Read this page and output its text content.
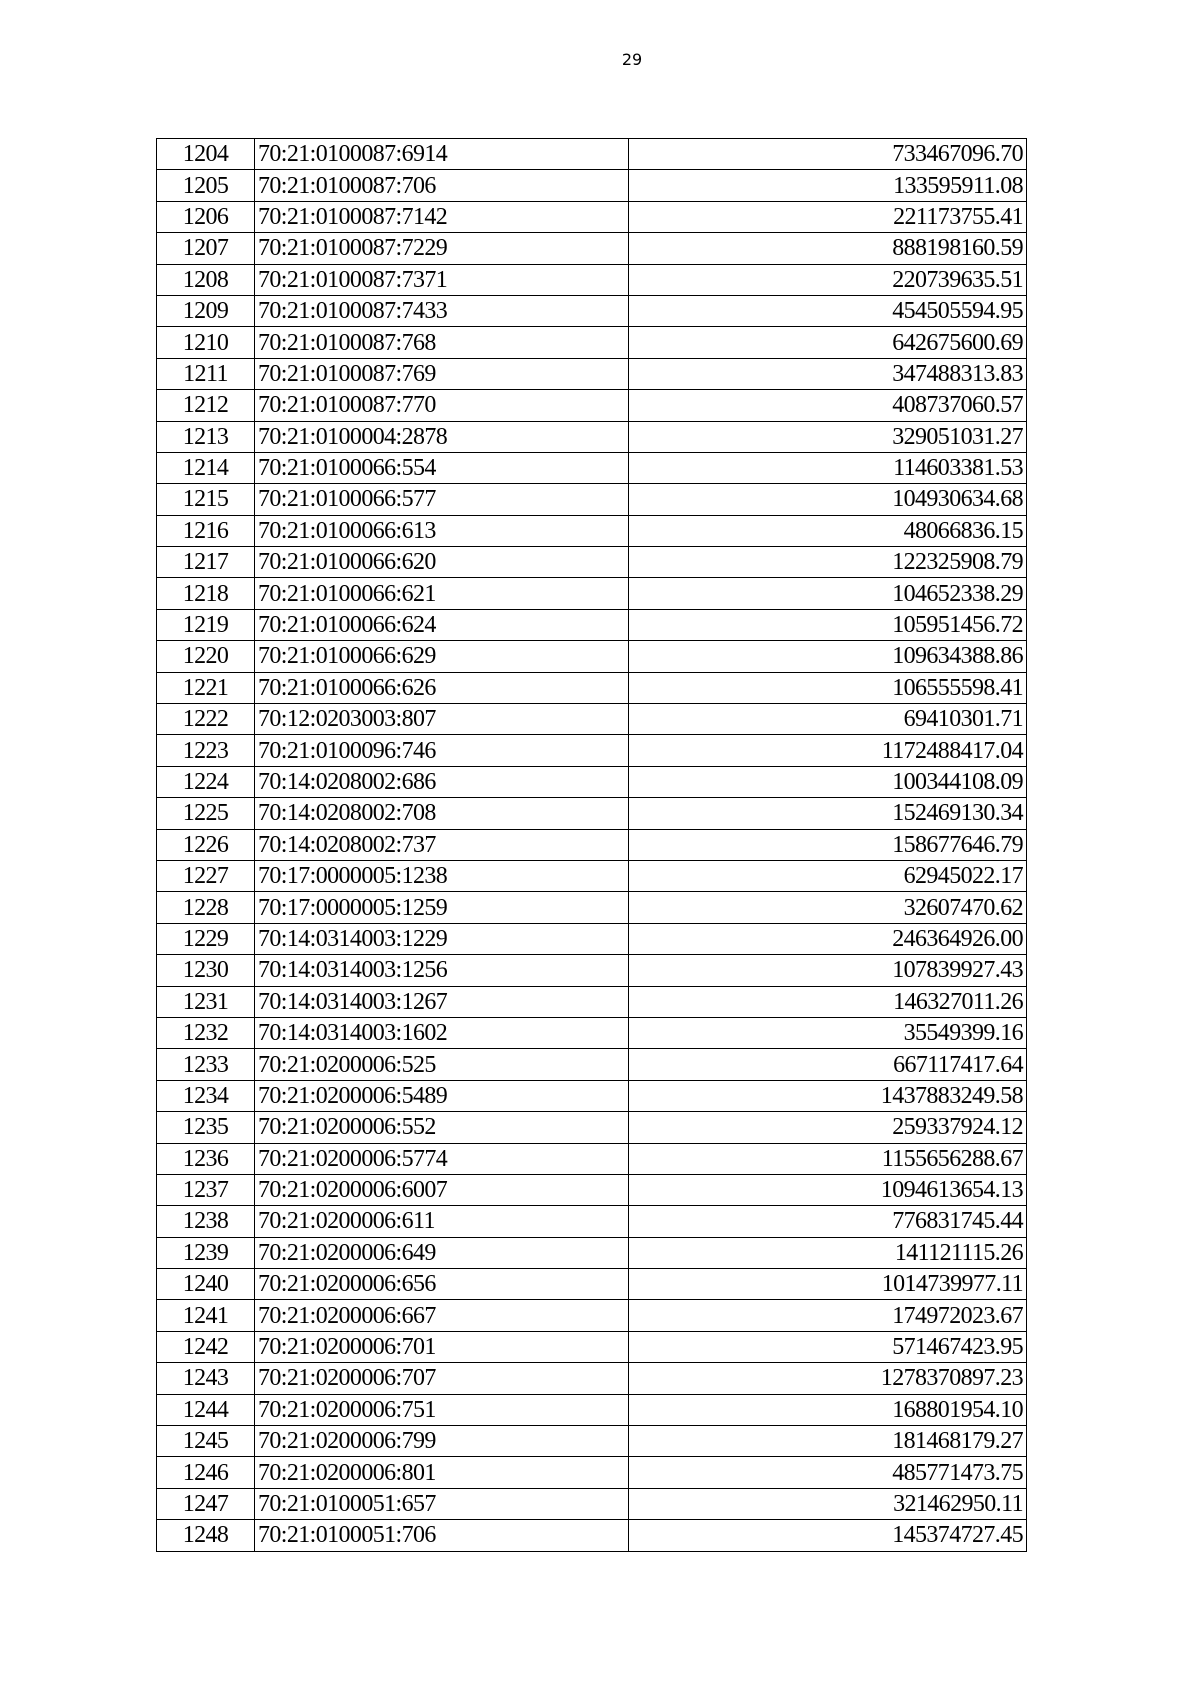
29
1204	70:21:0100087:6914	733467096.70
1205	70:21:0100087:706	133595911.08
1206	70:21:0100087:7142	221173755.41
1207	70:21:0100087:7229	888198160.59
1208	70:21:0100087:7371	220739635.51
1209	70:21:0100087:7433	454505594.95
1210	70:21:0100087:768	642675600.69
1211	70:21:0100087:769	347488313.83
1212	70:21:0100087:770	408737060.57
1213	70:21:0100004:2878	329051031.27
1214	70:21:0100066:554	114603381.53
1215	70:21:0100066:577	104930634.68
1216	70:21:0100066:613	48066836.15
1217	70:21:0100066:620	122325908.79
1218	70:21:0100066:621	104652338.29
1219	70:21:0100066:624	105951456.72
1220	70:21:0100066:629	109634388.86
1221	70:21:0100066:626	106555598.41
1222	70:12:0203003:807	69410301.71
1223	70:21:0100096:746	1172488417.04
1224	70:14:0208002:686	100344108.09
1225	70:14:0208002:708	152469130.34
1226	70:14:0208002:737	158677646.79
1227	70:17:0000005:1238	62945022.17
1228	70:17:0000005:1259	32607470.62
1229	70:14:0314003:1229	246364926.00
1230	70:14:0314003:1256	107839927.43
1231	70:14:0314003:1267	146327011.26
1232	70:14:0314003:1602	35549399.16
1233	70:21:0200006:525	667117417.64
1234	70:21:0200006:5489	1437883249.58
1235	70:21:0200006:552	259337924.12
1236	70:21:0200006:5774	1155656288.67
1237	70:21:0200006:6007	1094613654.13
1238	70:21:0200006:611	776831745.44
1239	70:21:0200006:649	141121115.26
1240	70:21:0200006:656	1014739977.11
1241	70:21:0200006:667	174972023.67
1242	70:21:0200006:701	571467423.95
1243	70:21:0200006:707	1278370897.23
1244	70:21:0200006:751	168801954.10
1245	70:21:0200006:799	181468179.27
1246	70:21:0200006:801	485771473.75
1247	70:21:0100051:657	321462950.11
1248	70:21:0100051:706	145374727.45
